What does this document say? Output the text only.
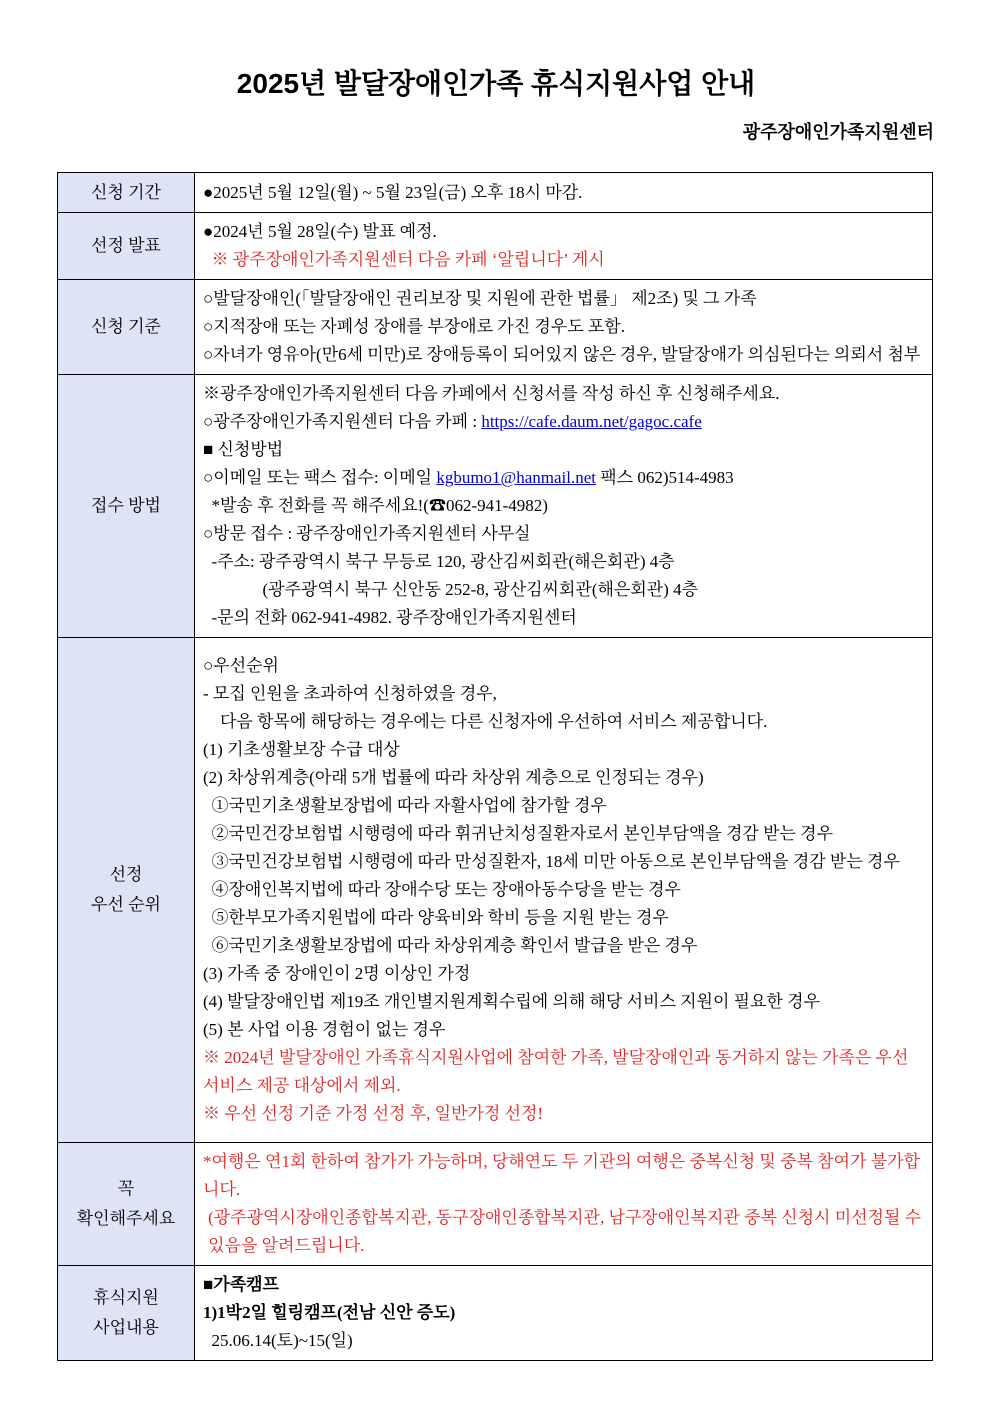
2025년 발달장애인가족 휴식지원사업 안내
광주장애인가족지원센터
신청 기간 ●2025년 5월 12일(월) ~ 5월 23일(금) 오후 18시 마감.
선정 발표
●2024년 5월 28일(수) 발표 예정.
※ 광주장애인가족지원센터 다음 카페 ‘알립니다’ 게시
신청 기준
○발달장애인(「발달장애인 권리보장 및 지원에 관한 법률」 제2조) 및 그 가족
○지적장애 또는 자폐성 장애를 부장애로 가진 경우도 포함.
○자녀가 영유아(만6세 미만)로 장애등록이 되어있지 않은 경우, 발달장애가 의심된다는 의뢰서 첨부
접수 방법
※광주장애인가족지원센터 다음 카페에서 신청서를 작성 하신 후 신청해주세요.
○광주장애인가족지원센터 다음 카페 : https://cafe.daum.net/gagoc.cafe
■ 신청방법
○이메일 또는 팩스 접수: 이메일 kgbumo1@hanmail.net 팩스 062)514-4983
*발송 후 전화를 꼭 해주세요!(☎062-941-4982)
○방문 접수 : 광주장애인가족지원센터 사무실
-주소: 광주광역시 북구 무등로 120, 광산김씨회관(해은회관) 4층
(광주광역시 북구 신안동 252-8, 광산김씨회관(해은회관) 4층
-문의 전화 062-941-4982. 광주장애인가족지원센터
선정
우선 순위
○우선순위
- 모집 인원을 초과하여 신청하였을 경우,
다음 항목에 해당하는 경우에는 다른 신청자에 우선하여 서비스 제공합니다.
(1) 기초생활보장 수급 대상
(2) 차상위계층(아래 5개 법률에 따라 차상위 계층으로 인정되는 경우)
①국민기초생활보장법에 따라 자활사업에 참가할 경우
②국민건강보험법 시행령에 따라 휘귀난치성질환자로서 본인부담액을 경감 받는 경우
③국민건강보험법 시행령에 따라 만성질환자, 18세 미만 아동으로 본인부담액을 경감 받는 경우
④장애인복지법에 따라 장애수당 또는 장애아동수당을 받는 경우
⑤한부모가족지원법에 따라 양육비와 학비 등을 지원 받는 경우
⑥국민기초생활보장법에 따라 차상위계층 확인서 발급을 받은 경우
(3) 가족 중 장애인이 2명 이상인 가정
(4) 발달장애인법 제19조 개인별지원계획수립에 의해 해당 서비스 지원이 필요한 경우
(5) 본 사업 이용 경험이 없는 경우
※ 2024년 발달장애인 가족휴식지원사업에 참여한 가족, 발달장애인과 동거하지 않는 가족은 우선 서비스 제공 대상에서 제외.
※ 우선 선정 기준 가정 선정 후, 일반가정 선정!
꼭
확인해주세요
*여행은 연1회 한하여 참가가 가능하며, 당해연도 두 기관의 여행은 중복신청 및 중복 참여가 불가합니다.
(광주광역시장애인종합복지관, 동구장애인종합복지관, 남구장애인복지관 중복 신청시 미선정될 수 있음을 알려드립니다.
휴식지원
사업내용
■가족캠프
1)1박2일 힐링캠프(전남 신안 증도)
25.06.14(토)~15(일)
